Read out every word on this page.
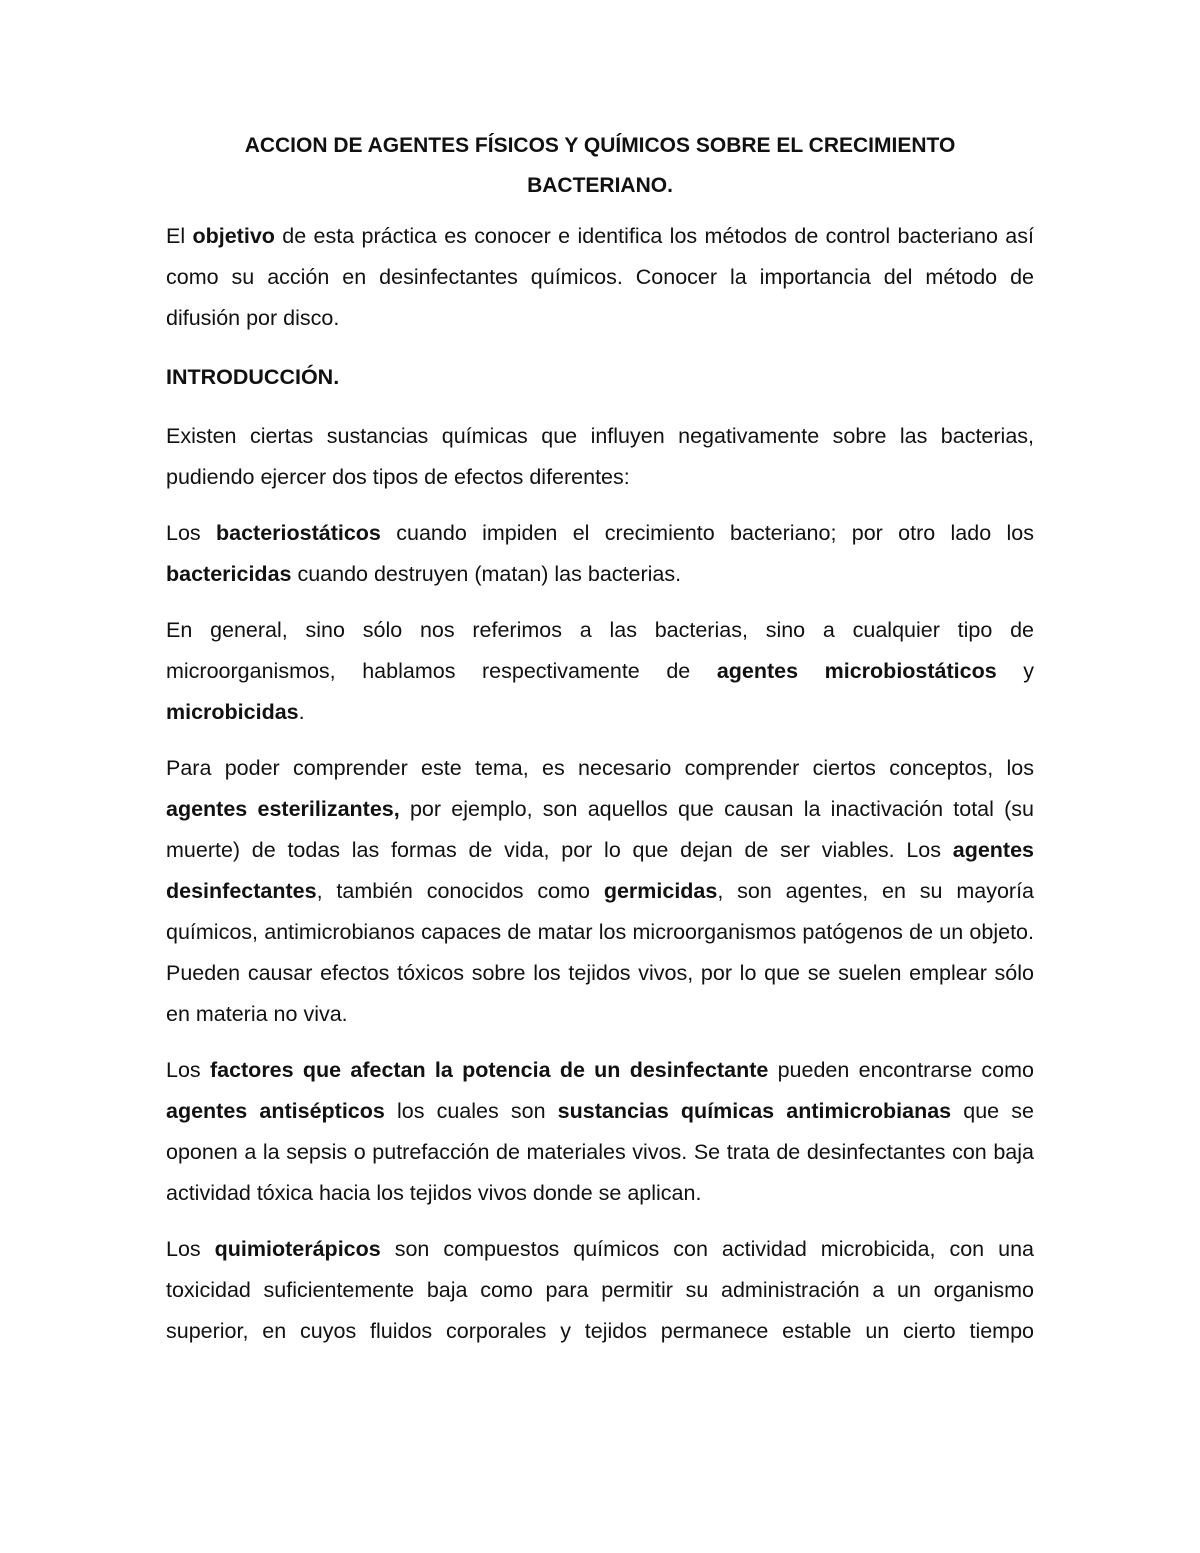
ACCION DE AGENTES FÍSICOS Y QUÍMICOS SOBRE EL CRECIMIENTO
BACTERIANO.

El objetivo de esta práctica es conocer e identifica los métodos de control bacteriano así como su acción en desinfectantes químicos. Conocer la importancia del método de difusión por disco.

INTRODUCCIÓN.

Existen ciertas sustancias químicas que influyen negativamente sobre las bacterias, pudiendo ejercer dos tipos de efectos diferentes:

Los bacteriostáticos cuando impiden el crecimiento bacteriano; por otro lado los bactericidas cuando destruyen (matan) las bacterias.

En general, sino sólo nos referimos a las bacterias, sino a cualquier tipo de microorganismos, hablamos respectivamente de agentes microbiostáticos y microbicidas.

Para poder comprender este tema, es necesario comprender ciertos conceptos, los agentes esterilizantes, por ejemplo, son aquellos que causan la inactivación total (su muerte) de todas las formas de vida, por lo que dejan de ser viables. Los agentes desinfectantes, también conocidos como germicidas, son agentes, en su mayoría químicos, antimicrobianos capaces de matar los microorganismos patógenos de un objeto. Pueden causar efectos tóxicos sobre los tejidos vivos, por lo que se suelen emplear sólo en materia no viva.

Los factores que afectan la potencia de un desinfectante pueden encontrarse como agentes antisépticos los cuales son sustancias químicas antimicrobianas que se oponen a la sepsis o putrefacción de materiales vivos. Se trata de desinfectantes con baja actividad tóxica hacia los tejidos vivos donde se aplican.

Los quimioterápicos son compuestos químicos con actividad microbicida, con una toxicidad suficientemente baja como para permitir su administración a un organismo superior, en cuyos fluidos corporales y tejidos permanece estable un cierto tiempo
